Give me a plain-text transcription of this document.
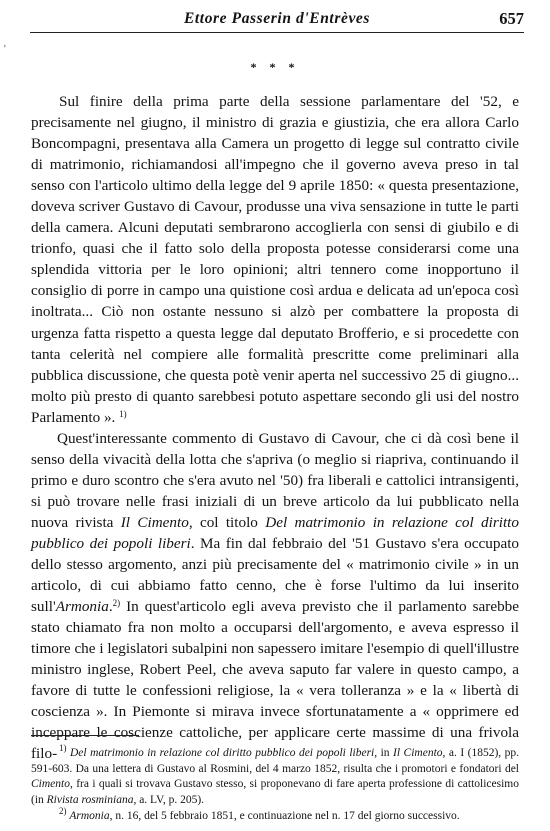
Ettore Passerin d'Entrèves	657
'
* * *

Sul finire della prima parte della sessione parlamentare del '52, e precisamente nel giugno, il ministro di grazia e giustizia, che era allora Carlo Boncompagni, presentava alla Camera un progetto di legge sul contratto civile di matrimonio, richiamandosi all'impegno che il governo aveva preso in tal senso con l'articolo ultimo della legge del 9 aprile 1850: « questa presentazione, doveva scriver Gustavo di Cavour, produsse una viva sensazione in tutte le parti della camera. Alcuni deputati sembrarono accoglierla con sensi di giubilo e di trionfo, quasi che il fatto solo della proposta potesse considerarsi come una splendida vittoria per le loro opinioni; altri tennero come inopportuno il consiglio di porre in campo una quistione così ardua e delicata ad un'epoca così inoltrata... Ciò non ostante nessuno si alzò per combattere la proposta di urgenza fatta rispetto a questa legge dal deputato Brofferio, e si procedette con tanta celerità nel compiere alle formalità prescritte come preliminari alla pubblica discussione, che questa potè venir aperta nel successivo 25 di giugno... molto più presto di quanto sarebbesi potuto aspettare secondo gli usi del nostro Parlamento ». $^{1)}$

Quest'interessante commento di Gustavo di Cavour, che ci dà così bene il senso della vivacità della lotta che s'apriva (o meglio si riapriva, continuando il primo e duro scontro che s'era avuto nel '50) fra liberali e cattolici intransigenti, si può trovare nelle frasi iniziali di un breve articolo da lui pubblicato nella nuova rivista Il Cimento, col titolo Del matrimonio in relazione col diritto pubblico dei popoli liberi. Ma fin dal febbraio del '51 Gustavo s'era occupato dello stesso argomento, anzi più precisamente del « matrimonio civile » in un articolo, di cui abbiamo fatto cenno, che è forse l'ultimo da lui inserito sull'Armonia.$^{2)}$ In quest'articolo egli aveva previsto che il parlamento sarebbe stato chiamato fra non molto a occuparsi dell'argomento, e aveva espresso il timore che i legislatori subalpini non sapessero imitare l'esempio di quell'illustre ministro inglese, Robert Peel, che aveva saputo far valere in questo campo, a favore di tutte le confessioni religiose, la « vera tolleranza » e la « libertà di coscienza ». In Piemonte si mirava invece sfortunatamente a « opprimere ed inceppare le coscienze cattoliche, per applicare certe massime di una frivola filo- $^{1)}$ Del matrimonio in relazione col diritto pubblico dei popoli liberi, in Il Cimento, a. I (1852), pp. 591-603. Da una lettera di Gustavo al Rosmini, del 4 marzo 1852, risulta che i promotori e fondatori del Cimento, fra i quali si trovava Gustavo stesso, si proponevano di fare aperta professione di cattolicesimo (in Rivista rosminiana, a. LV, p. 205).

$^{2)}$ Armonia, n. 16, del 5 febbraio 1851, e continuazione nel n. 17 del giorno successivo.
